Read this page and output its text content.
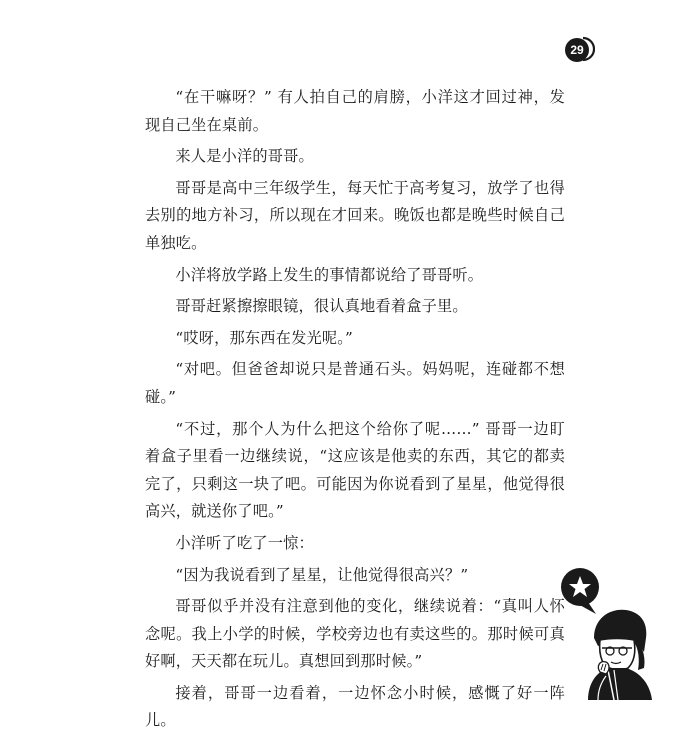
29

“在干嘛呀？” 有人拍自己的肩膀，小洋这才回过神，发现自己坐在桌前。

来人是小洋的哥哥。

哥哥是高中三年级学生，每天忙于高考复习，放学了也得去别的地方补习，所以现在才回来。晚饭也都是晚些时候自己单独吃。

小洋将放学路上发生的事情都说给了哥哥听。

哥哥赶紧擦擦眼镜，很认真地看着盒子里。

“哎呀，那东西在发光呢。”

“对吧。但爸爸却说只是普通石头。妈妈呢，连碰都不想碰。”

“不过，那个人为什么把这个给你了呢……” 哥哥一边盯着盒子里看一边继续说，“这应该是他卖的东西，其它的都卖完了，只剩这一块了吧。可能因为你说看到了星星，他觉得很高兴，就送你了吧。”

小洋听了吃了一惊：

“因为我说看到了星星，让他觉得很高兴？”

哥哥似乎并没有注意到他的变化，继续说着：“真叫人怀念呢。我上小学的时候，学校旁边也有卖这些的。那时候可真好啊，天天都在玩儿。真想回到那时候。”

接着，哥哥一边看着，一边怀念小时候，感慨了好一阵儿。
